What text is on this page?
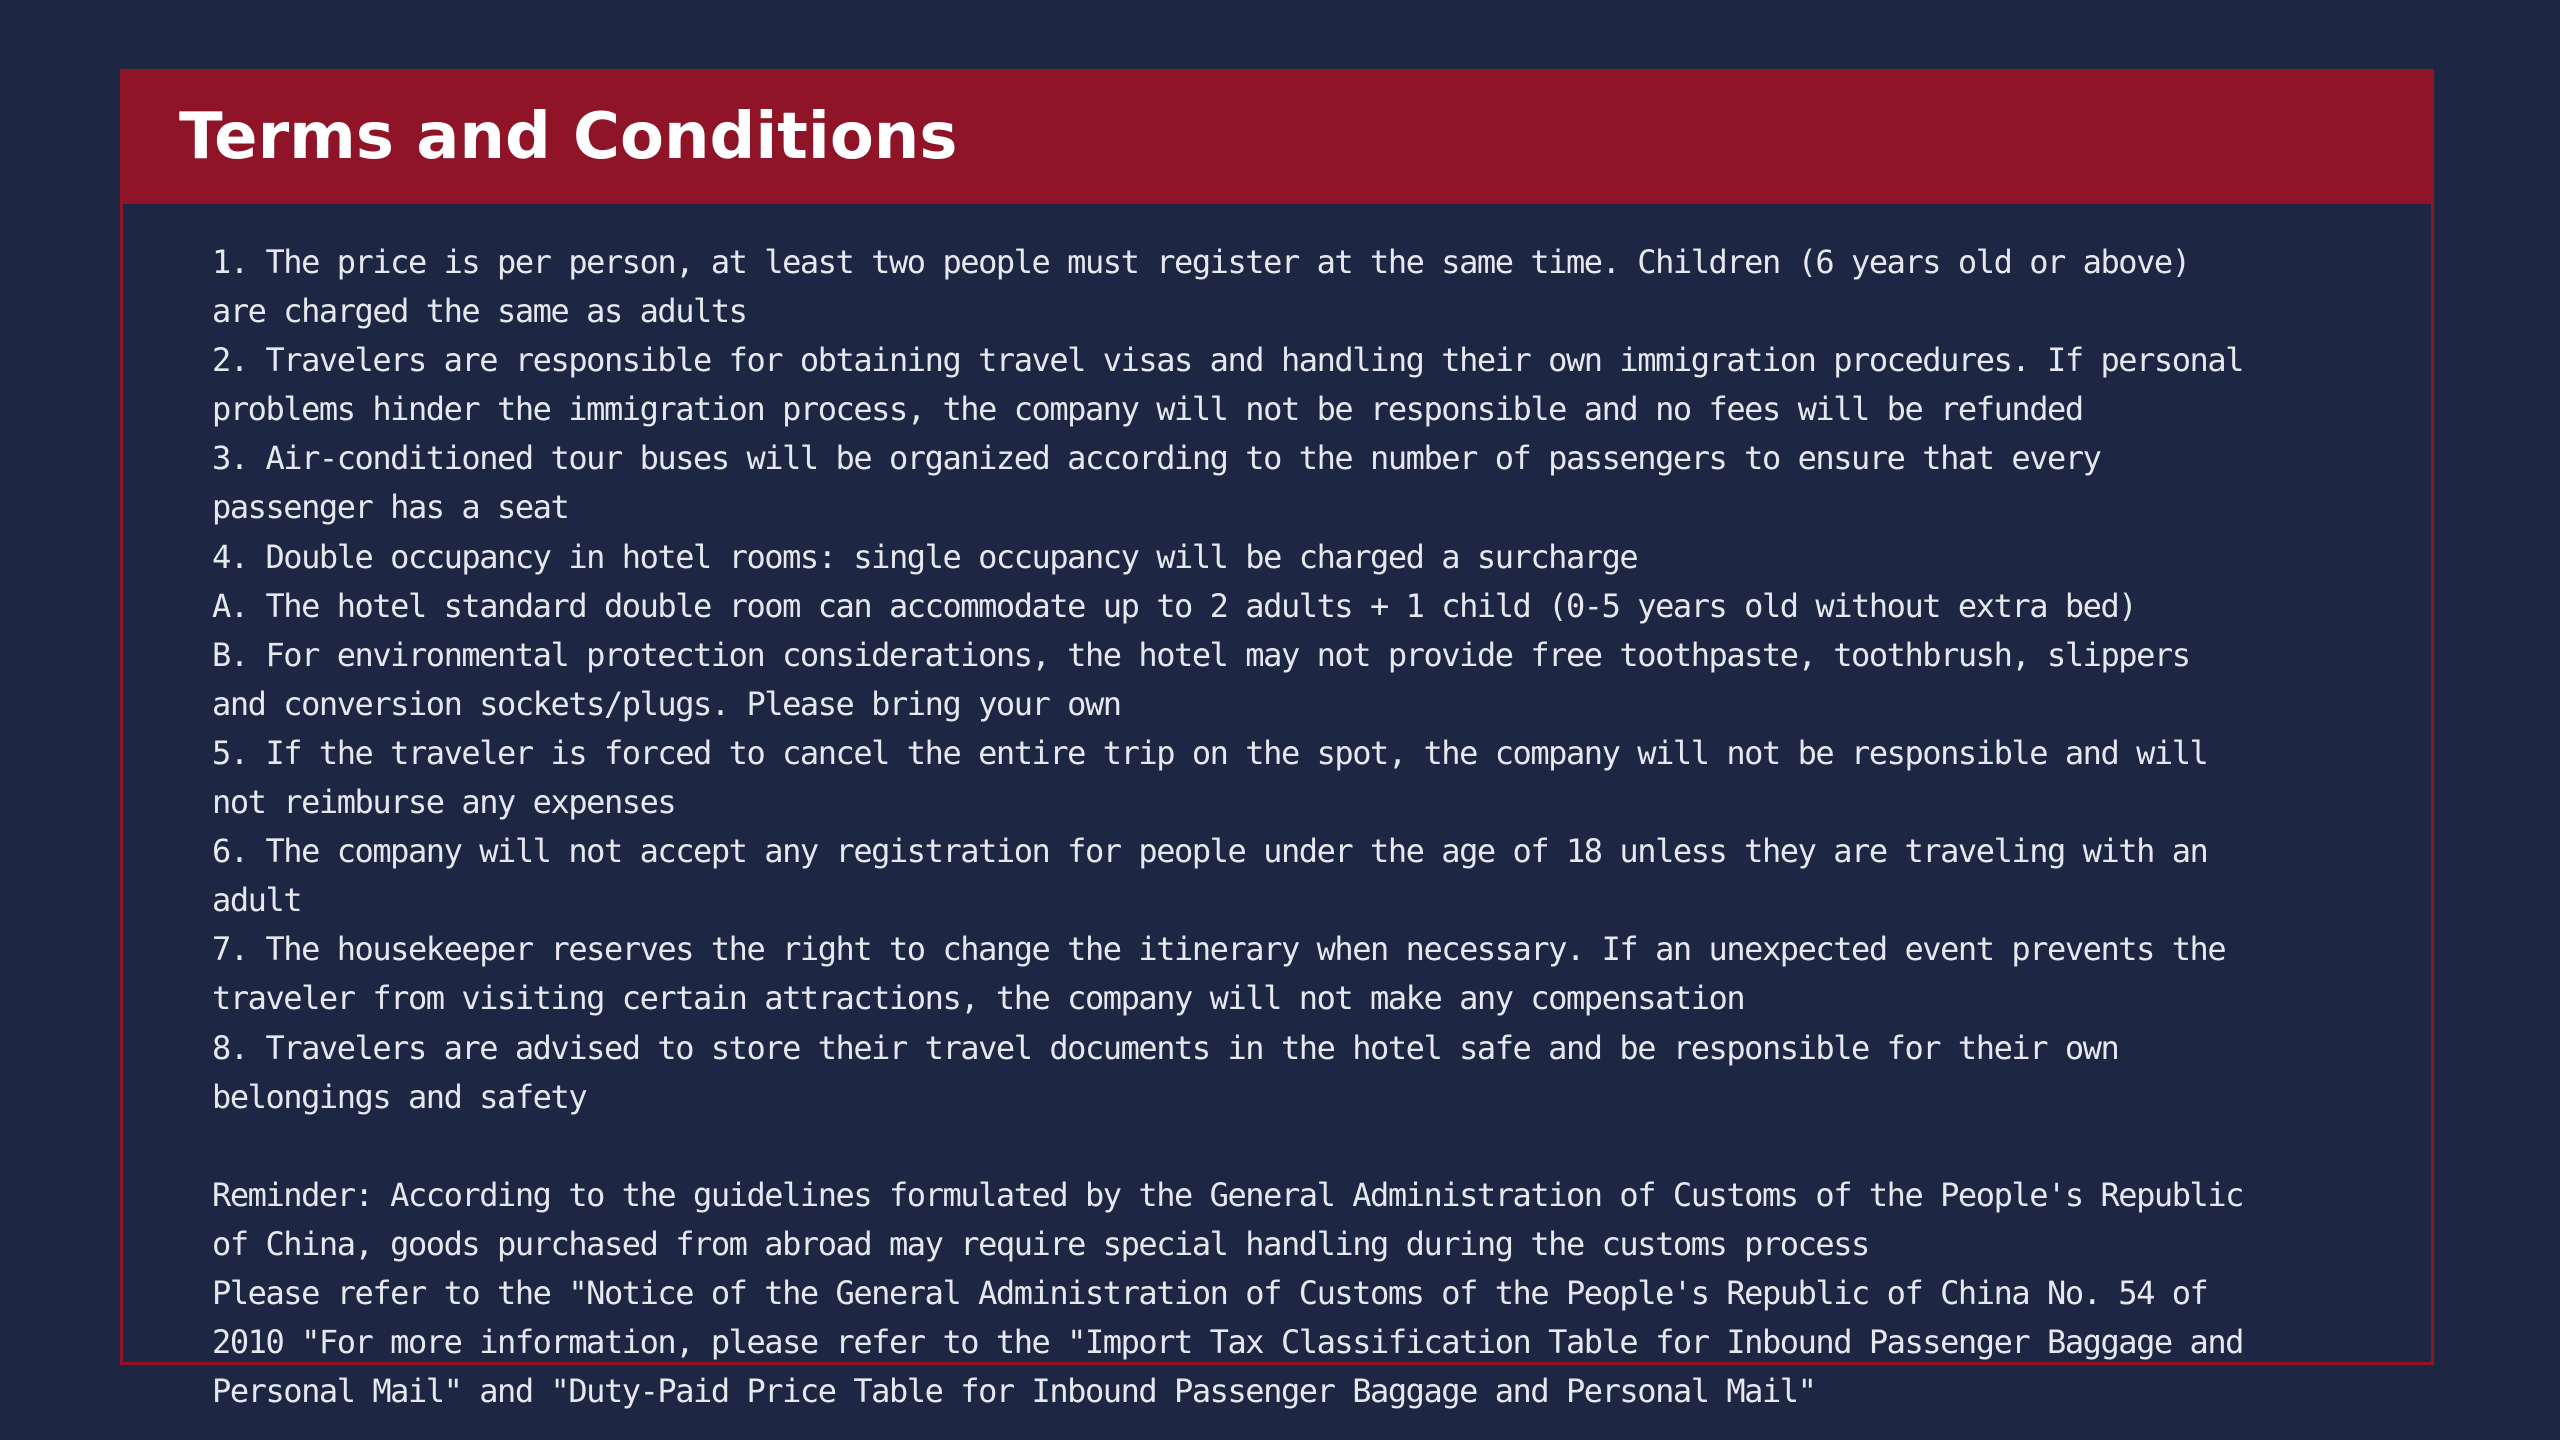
Terms and Conditions
1. The price is per person, at least two people must register at the same time. Children (6 years old or above)
are charged the same as adults
2. Travelers are responsible for obtaining travel visas and handling their own immigration procedures. If personal
problems hinder the immigration process, the company will not be responsible and no fees will be refunded
3. Air-conditioned tour buses will be organized according to the number of passengers to ensure that every
passenger has a seat
4. Double occupancy in hotel rooms: single occupancy will be charged a surcharge
A. The hotel standard double room can accommodate up to 2 adults + 1 child (0-5 years old without extra bed)
B. For environmental protection considerations, the hotel may not provide free toothpaste, toothbrush, slippers
and conversion sockets/plugs. Please bring your own
5. If the traveler is forced to cancel the entire trip on the spot, the company will not be responsible and will
not reimburse any expenses
6. The company will not accept any registration for people under the age of 18 unless they are traveling with an
adult
7. The housekeeper reserves the right to change the itinerary when necessary. If an unexpected event prevents the
traveler from visiting certain attractions, the company will not make any compensation
8. Travelers are advised to store their travel documents in the hotel safe and be responsible for their own
belongings and safety
Reminder: According to the guidelines formulated by the General Administration of Customs of the People's Republic
of China, goods purchased from abroad may require special handling during the customs process
Please refer to the "Notice of the General Administration of Customs of the People's Republic of China No. 54 of
2010 "For more information, please refer to the "Import Tax Classification Table for Inbound Passenger Baggage and
Personal Mail" and "Duty-Paid Price Table for Inbound Passenger Baggage and Personal Mail"
